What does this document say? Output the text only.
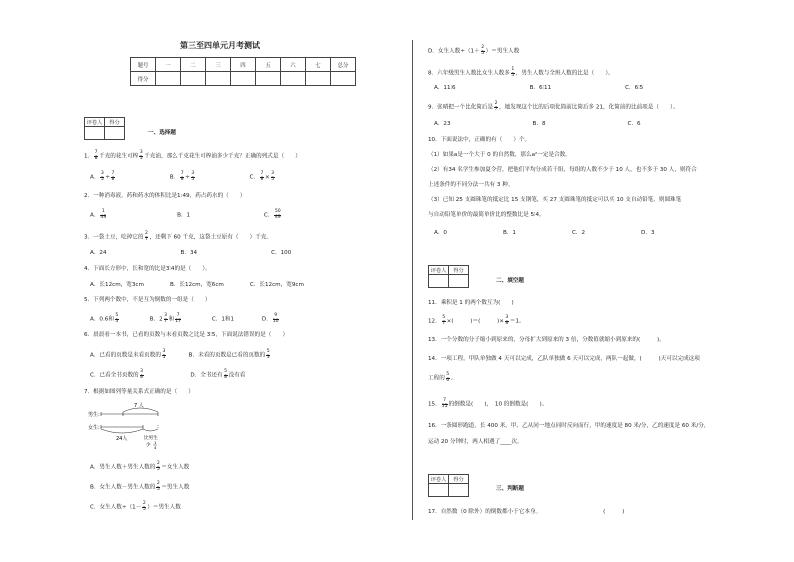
第三至四单元月考测试
题号	一	二	三	四	五	六	七	总分
得分								
评卷人	得分

一、选择题
1． $\frac{7}{8}$ 千克的花生可榨 $\frac{3}{5}$ 千克油，那么千克花生可榨油多少千克？正确的列式是（　　）
A． $\frac{3}{5} \div \frac{7}{8}$	B． $\frac{7}{8} \div \frac{3}{5}$	C． $\frac{7}{8} \times \frac{3}{5}$
2．一种消毒液，药和药水的体积比是1:49，药占药水的（　　）
A． $\frac{1}{49}$	B．1	C． $\frac{50}{49}$
3．一袋土豆，吃掉它的 $\frac{2}{7}$ ，还剩下 60 千克，这袋土豆原有（　　）千克。
A．24	B．34	C．100
4．下面长方形中，长和宽的比是3∶4的是（　　）。
A．长12cm，宽3cm	B．长12cm，宽6cm	C．长12cm，宽9cm
5．下列两个数中，不是互为倒数的一组是（　　）
A．0.6和 $\frac{5}{3}$	B．$2 \frac{3}{7}$ 和 $\frac{7}{17}$	C．1和1	D． $\frac{9}{10}$
6．晨晨看一本书，已看的页数与未看页数之比是 3∶5，下面说法错误的是（　　）
A．已看的页数是未看页数的 $\frac{3}{5}$	B．未看的页数是已看的页数的 $\frac{5}{3}$
C．已看全书页数的 $\frac{3}{8}$	D．全书还有 $\frac{5}{8}$ 没有看
7．根据如图列等量关系式正确的是（　　）
男生:
女生:
7 人
24人	比男生
少
1
4
A．男生人数＋男生人数的 $\frac{2}{5}$ ＝女生人数
B．女生人数－男生人数的 $\frac{2}{5}$ ＝男生人数
C．女生人数$\div(1- \frac{2}{5}$ ）＝男生人数
D．女生人数$\div(1+ \frac{2}{5}$ ）＝男生人数
8．六年级男生人数比女生人数多 $\frac{1}{5}$ ，男生人数与全班人数的比是（　　）。
A．11∶6	B．6∶11	C．6∶5
9．张晴把一个比化简后是 $\frac{2}{7}$ ，她发现这个比的后项化简前比简后多 21，化简前的比前项是（　　）。
A．23	B．8	C．6
10．下面说法中，正确的有（　　）个。
（1）如果a是一个大于 0 的自然数，那么a²一定是合数。
（2）有34 名学生参加夏令营，把他们平均分成若干组，每组的人数不少于 10 人，也不多于 30 人，则符合
上述条件的不同分法一共有 3 种。
（3）已知 25 支圆珠笔的抵定比 15 支钢笔，买 27 支圆珠笔的抵定可以买 10 支自动铅笔，则圆珠笔
与自动铅笔单价的最简单价比的整数比是 5∶4。
A．0	B．1	C．2	D．3
评卷人	得分

二、填空题
11．乘积是 1 的两个数互为(　　)
12． $\frac{5}{7}$ ×(　　　)＝(　　　)× $\frac{3}{8} =1$。
13．一个分数的分子缩小到原来的，分母扩大到原来的 3 倍，分数值就缩小到原来的(　　　)。
14．一项工程，甲队单独做 4 天可以完成，乙队单独做 6 天可以完成，两队一起做，(　　　)天可以完成这项
工程的 $\frac{5}{6}$ 。
15． $\frac{7}{15}$ 的倒数是(　　)，　10 的倒数是(　　)。
16．一条圆形跑道，长 400 米，甲、乙从同一地点同时反向而行，甲的速度是 80 米/分，乙的速度是 60 米/分，
运动 20 分钟时，两人相遇了____次。
评卷人	得分

三、判断题
17．自然数（0 除外）的倒数都小于它本身。	(　　　)
